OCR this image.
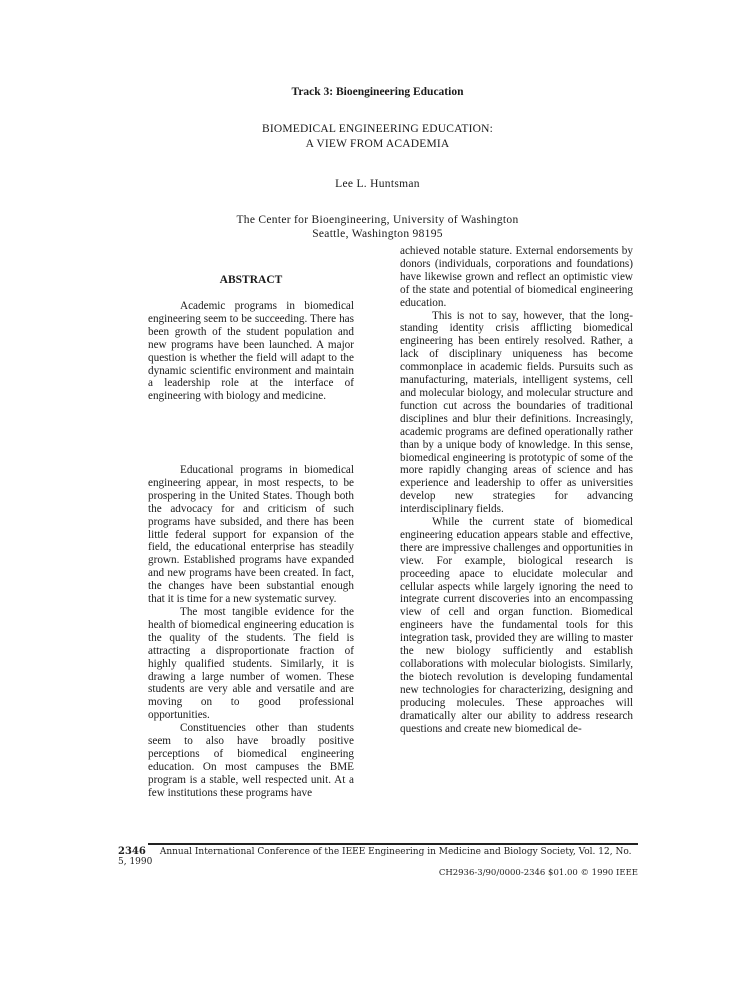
Track 3: Bioengineering Education
BIOMEDICAL ENGINEERING EDUCATION:
A VIEW FROM ACADEMIA
Lee L. Huntsman
The Center for Bioengineering, University of Washington
Seattle, Washington 98195
ABSTRACT

Academic programs in biomedical engineering seem to be succeeding. There has been growth of the student population and new programs have been launched. A major question is whether the field will adapt to the dynamic scientific environment and maintain a leadership role at the interface of engineering with biology and medicine.

Educational programs in biomedical engineering appear, in most respects, to be prospering in the United States. Though both the advocacy for and criticism of such programs have subsided, and there has been little federal support for expansion of the field, the educational enterprise has steadily grown. Established programs have expanded and new programs have been created. In fact, the changes have been substantial enough that it is time for a new systematic survey.

The most tangible evidence for the health of biomedical engineering education is the quality of the students. The field is attracting a disproportionate fraction of highly qualified students. Similarly, it is drawing a large number of women. These students are very able and versatile and are moving on to good professional opportunities.

Constituencies other than students seem to also have broadly positive perceptions of biomedical engineering education. On most campuses the BME program is a stable, well respected unit. At a few institutions these programs have

achieved notable stature. External endorsements by donors (individuals, corporations and foundations) have likewise grown and reflect an optimistic view of the state and potential of biomedical engineering education.

This is not to say, however, that the long-standing identity crisis afflicting biomedical engineering has been entirely resolved. Rather, a lack of disciplinary uniqueness has become commonplace in academic fields. Pursuits such as manufacturing, materials, intelligent systems, cell and molecular biology, and molecular structure and function cut across the boundaries of traditional disciplines and blur their definitions. Increasingly, academic programs are defined operationally rather than by a unique body of knowledge. In this sense, biomedical engineering is prototypic of some of the more rapidly changing areas of science and has experience and leadership to offer as universities develop new strategies for advancing interdisciplinary fields.

While the current state of biomedical engineering education appears stable and effective, there are impressive challenges and opportunities in view. For example, biological research is proceeding apace to elucidate molecular and cellular aspects while largely ignoring the need to integrate current discoveries into an encompassing view of cell and organ function. Biomedical engineers have the fundamental tools for this integration task, provided they are willing to master the new biology sufficiently and establish collaborations with molecular biologists. Similarly, the biotech revolution is developing fundamental new technologies for characterizing, designing and producing molecules. These approaches will dramatically alter our ability to address research questions and create new biomedical de-

2346 Annual International Conference of the IEEE Engineering in Medicine and Biology Society, Vol. 12, No. 5, 1990
CH2936-3/90/0000-2346 $01.00 © 1990 IEEE
